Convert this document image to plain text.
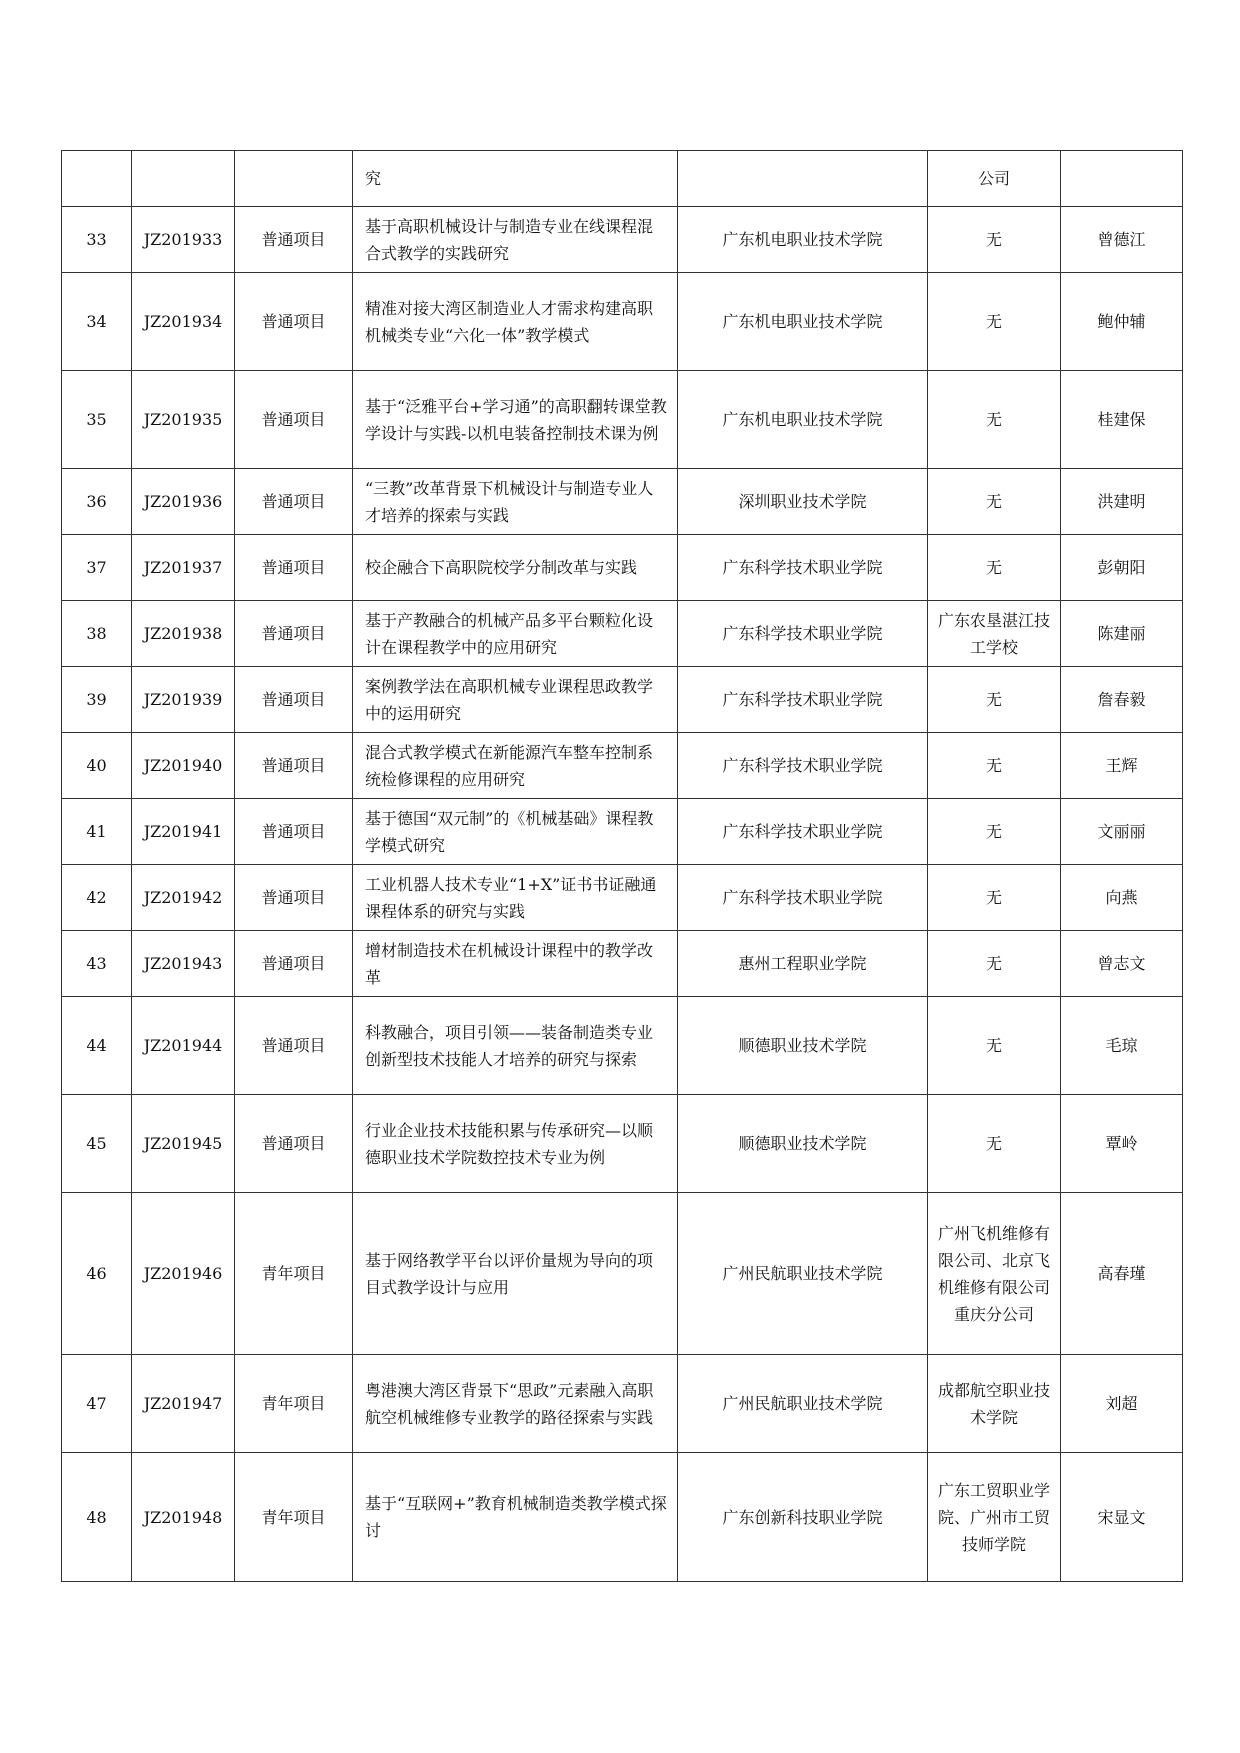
			究		公司	
33	JZ201933	普通项目	基于高职机械设计与制造专业在线课程混合式教学的实践研究	广东机电职业技术学院	无	曾德江
34	JZ201934	普通项目	精准对接大湾区制造业人才需求构建高职机械类专业“六化一体”教学模式	广东机电职业技术学院	无	鲍仲辅
35	JZ201935	普通项目	基于“泛雅平台+学习通”的高职翻转课堂教学设计与实践-以机电装备控制技术课为例	广东机电职业技术学院	无	桂建保
36	JZ201936	普通项目	“三教”改革背景下机械设计与制造专业人才培养的探索与实践	深圳职业技术学院	无	洪建明
37	JZ201937	普通项目	校企融合下高职院校学分制改革与实践	广东科学技术职业学院	无	彭朝阳
38	JZ201938	普通项目	基于产教融合的机械产品多平台颗粒化设计在课程教学中的应用研究	广东科学技术职业学院	广东农垦湛江技工学校	陈建丽
39	JZ201939	普通项目	案例教学法在高职机械专业课程思政教学中的运用研究	广东科学技术职业学院	无	詹春毅
40	JZ201940	普通项目	混合式教学模式在新能源汽车整车控制系统检修课程的应用研究	广东科学技术职业学院	无	王辉
41	JZ201941	普通项目	基于德国“双元制”的《机械基础》课程教学模式研究	广东科学技术职业学院	无	文丽丽
42	JZ201942	普通项目	工业机器人技术专业“1+X”证书书证融通课程体系的研究与实践	广东科学技术职业学院	无	向燕
43	JZ201943	普通项目	增材制造技术在机械设计课程中的教学改革	惠州工程职业学院	无	曾志文
44	JZ201944	普通项目	科教融合，项目引领——装备制造类专业创新型技术技能人才培养的研究与探索	顺德职业技术学院	无	毛琼
45	JZ201945	普通项目	行业企业技术技能积累与传承研究—以顺德职业技术学院数控技术专业为例	顺德职业技术学院	无	覃岭
46	JZ201946	青年项目	基于网络教学平台以评价量规为导向的项目式教学设计与应用	广州民航职业技术学院	广州飞机维修有限公司、北京飞机维修有限公司重庆分公司	高春瑾
47	JZ201947	青年项目	粤港澳大湾区背景下“思政”元素融入高职航空机械维修专业教学的路径探索与实践	广州民航职业技术学院	成都航空职业技术学院	刘超
48	JZ201948	青年项目	基于“互联网+”教育机械制造类教学模式探讨	广东创新科技职业学院	广东工贸职业学院、广州市工贸技师学院	宋显文
